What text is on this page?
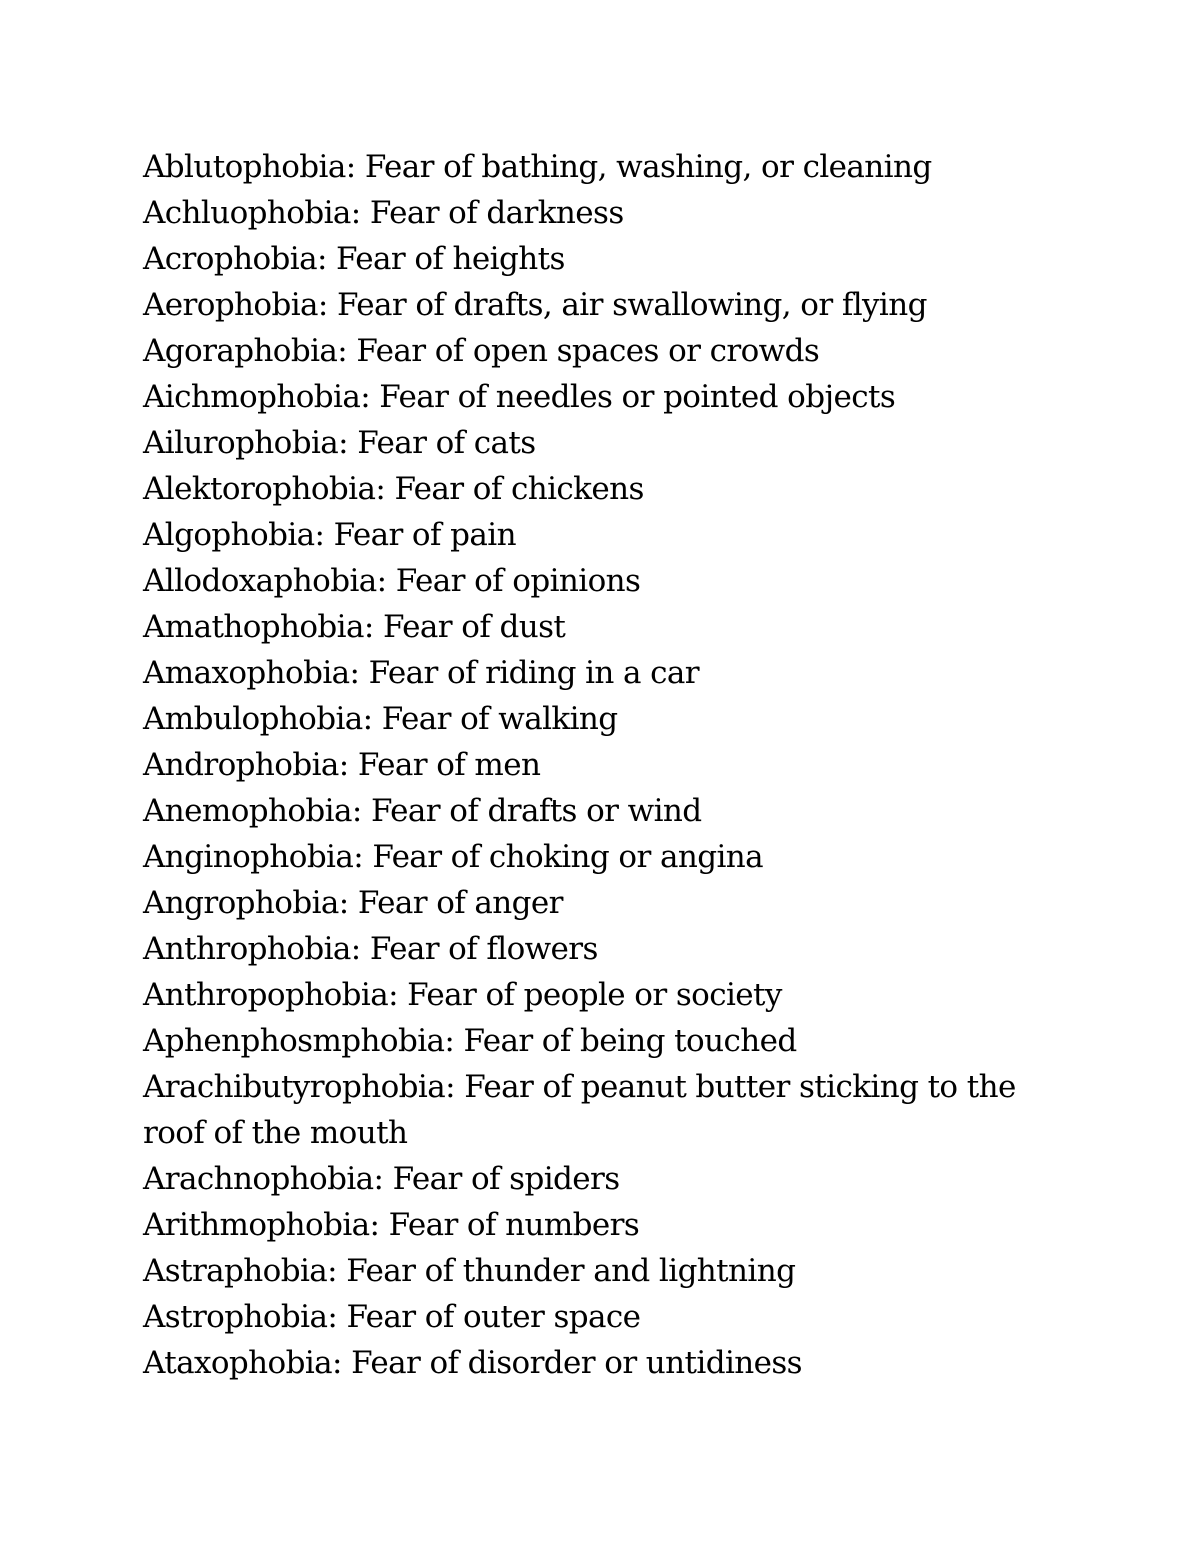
Ablutophobia: Fear of bathing, washing, or cleaning
Achluophobia: Fear of darkness
Acrophobia: Fear of heights
Aerophobia: Fear of drafts, air swallowing, or flying
Agoraphobia: Fear of open spaces or crowds
Aichmophobia: Fear of needles or pointed objects
Ailurophobia: Fear of cats
Alektorophobia: Fear of chickens
Algophobia: Fear of pain
Allodoxaphobia: Fear of opinions
Amathophobia: Fear of dust
Amaxophobia: Fear of riding in a car
Ambulophobia: Fear of walking
Androphobia: Fear of men
Anemophobia: Fear of drafts or wind
Anginophobia: Fear of choking or angina
Angrophobia: Fear of anger
Anthrophobia: Fear of flowers
Anthropophobia: Fear of people or society
Aphenphosmphobia: Fear of being touched
Arachibutyrophobia: Fear of peanut butter sticking to the roof of the mouth
Arachnophobia: Fear of spiders
Arithmophobia: Fear of numbers
Astraphobia: Fear of thunder and lightning
Astrophobia: Fear of outer space
Ataxophobia: Fear of disorder or untidiness
